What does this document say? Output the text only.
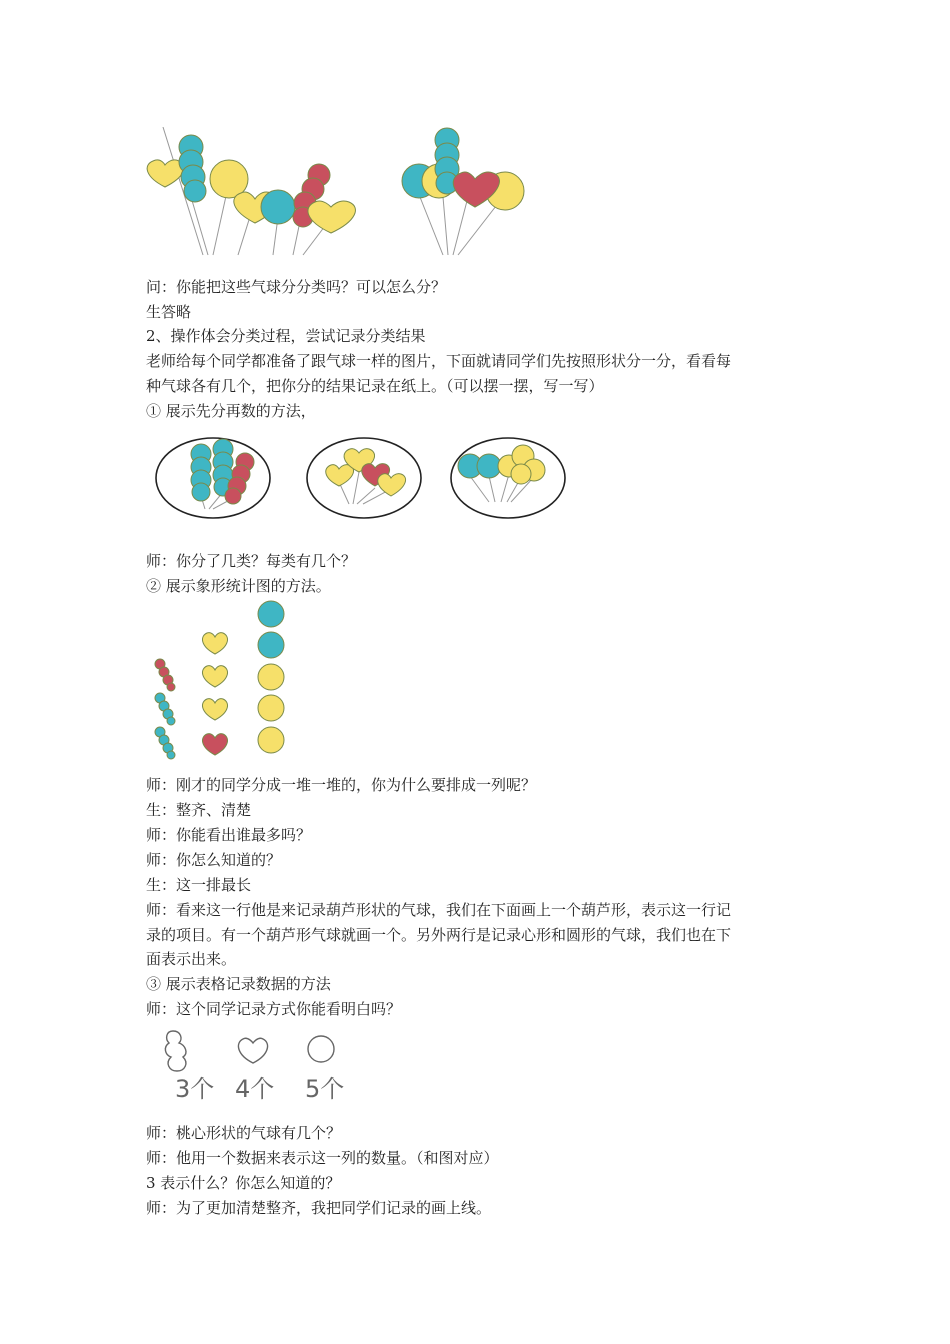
问：你能把这些气球分分类吗？可以怎么分？
生答略
2、操作体会分类过程，尝试记录分类结果
老师给每个同学都准备了跟气球一样的图片，下面就请同学们先按照形状分一分，看看每
种气球各有几个，把你分的结果记录在纸上。（可以摆一摆，写一写）
① 展示先分再数的方法，
师：你分了几类？每类有几个？
② 展示象形统计图的方法。
师：刚才的同学分成一堆一堆的，你为什么要排成一列呢？
生：整齐、清楚
师：你能看出谁最多吗？
师：你怎么知道的？
生：这一排最长
师：看来这一行他是来记录葫芦形状的气球，我们在下面画上一个葫芦形，表示这一行记
录的项目。有一个葫芦形气球就画一个。另外两行是记录心形和圆形的气球，我们也在下
面表示出来。
③ 展示表格记录数据的方法
师：这个同学记录方式你能看明白吗？
3个 4个 5个
师：桃心形状的气球有几个？
师：他用一个数据来表示这一列的数量。（和图对应）
3 表示什么？你怎么知道的？
师：为了更加清楚整齐，我把同学们记录的画上线。
